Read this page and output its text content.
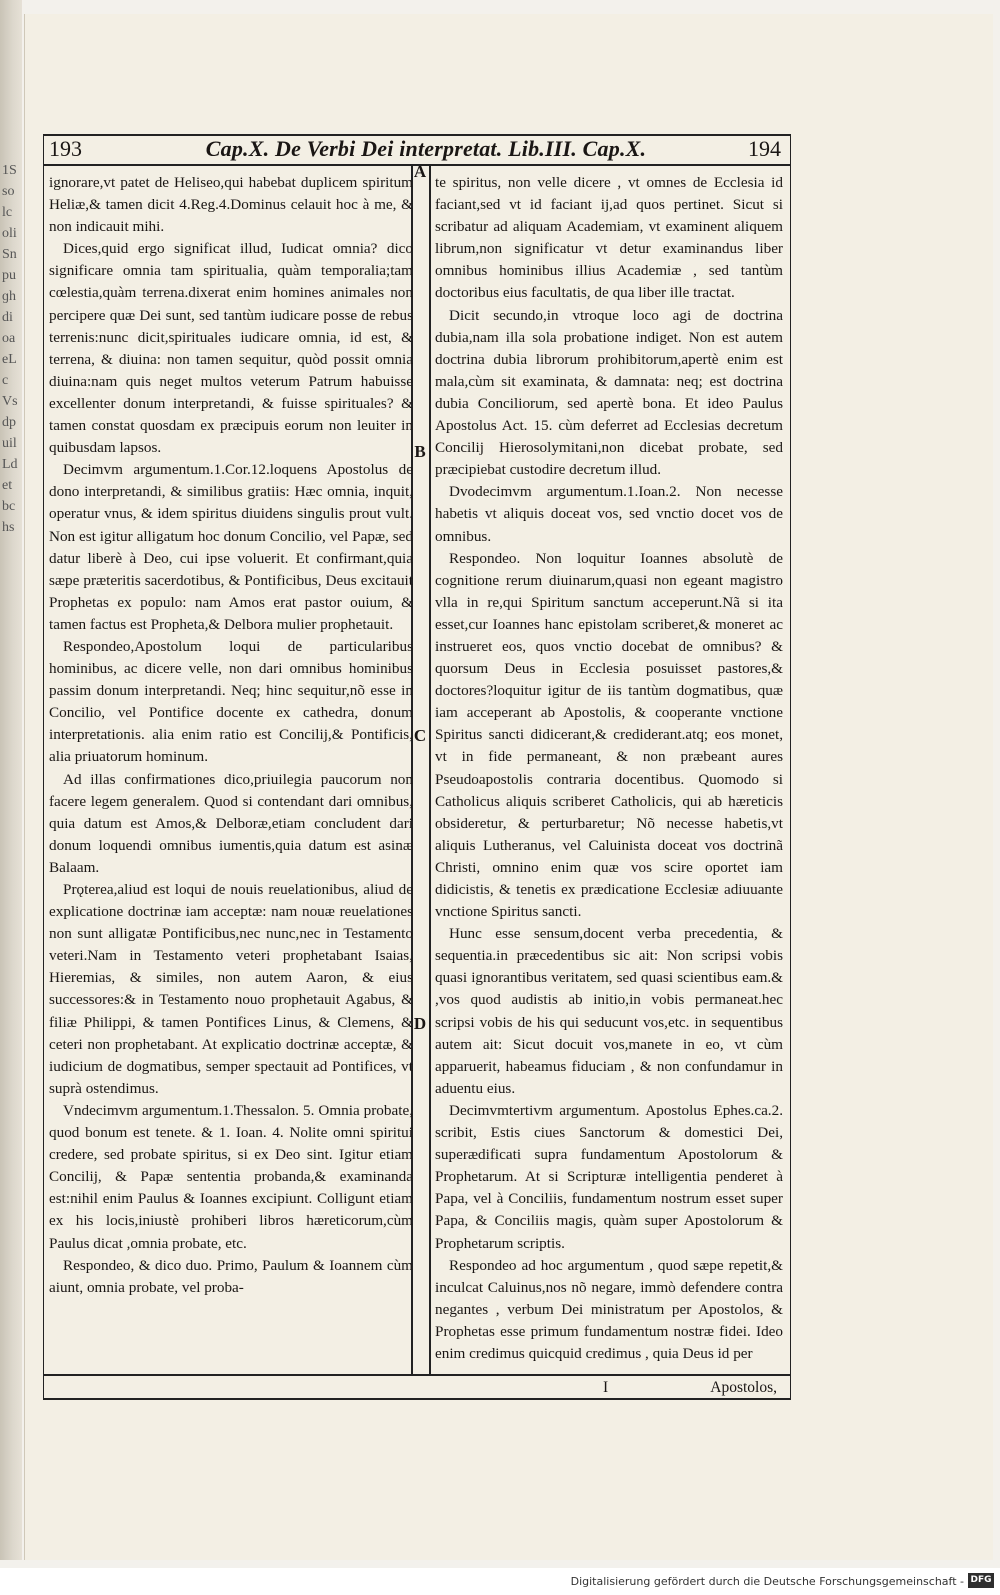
1SsolcoliSnpuɡhdioaeLcVsdpuilLdetbchs
193	Cap.X. De Verbi Dei interpretat. Lib.III. Cap.X.	194
A
B
C
D

ignorare,vt patet de Heliseo,qui habebat duplicem spiritum Heliæ,& tamen dicit 4.Reg.4.Dominus celauit hoc à me, & non indicauit mihi.

Dices,quid ergo significat illud, Iudicat omnia? dico significare omnia tam spiritualia, quàm temporalia;tam cœlestia,quàm terrena.dixerat enim homines animales non percipere quæ Dei sunt, sed tantùm iudicare posse de rebus terrenis:nunc dicit,spirituales iudicare omnia, id est, & terrena, & diuina: non tamen sequitur, quòd possit omnia diuina:nam quis neget multos veterum Patrum habuisse excellenter donum interpretandi, & fuisse spirituales? & tamen constat quosdam ex præcipuis eorum non leuiter in quibusdam lapsos.

Decimvm argumentum.1.Cor.12.loquens Apostolus de dono interpretandi, & similibus gratiis: Hæc omnia, inquit, operatur vnus, & idem spiritus diuidens singulis prout vult. Non est igitur alligatum hoc donum Concilio, vel Papæ, sed datur liberè à Deo, cui ipse voluerit. Et confirmant,quia sæpe præteritis sacerdotibus, & Pontificibus, Deus excitauit Prophetas ex populo: nam Amos erat pastor ouium, & tamen factus est Propheta,& Delbora mulier prophetauit.

Respondeo,Apostolum loqui de particularibus hominibus, ac dicere velle, non dari omnibus hominibus passim donum interpretandi. Neq; hinc sequitur,nõ esse in Concilio, vel Pontifice docente ex cathedra, donum interpretationis. alia enim ratio est Concilij,& Pontificis, alia priuatorum hominum.

Ad illas confirmationes dico,priuilegia paucorum non facere legem generalem. Quod si contendant dari omnibus, quia datum est Amos,& Delboræ,etiam concludent dari donum loquendi omnibus iumentis,quia datum est asinæ Balaam.

Prǫterea,aliud est loqui de nouis reuelationibus, aliud de explicatione doctrinæ iam acceptæ: nam nouæ reuelationes non sunt alligatæ Pontificibus,nec nunc,nec in Testamento veteri.Nam in Testamento veteri prophetabant Isaias, Hieremias, & similes, non autem Aaron, & eius successores:& in Testamento nouo prophetauit Agabus, & filiæ Philippi, & tamen Pontifices Linus, & Clemens, & ceteri non prophetabant. At explicatio doctrinæ acceptæ, & iudicium de dogmatibus, semper spectauit ad Pontifices, vt suprà ostendimus.

Vndecimvm argumentum.1.Thessalon. 5. Omnia probate, quod bonum est tenete. & 1. Ioan. 4. Nolite omni spiritui credere, sed probate spiritus, si ex Deo sint. Igitur etiam Concilij, & Papæ sententia probanda,& examinanda est:nihil enim Paulus & Ioannes excipiunt. Colligunt etiam ex his locis,iniustè prohiberi libros hæreticorum,cùm Paulus dicat ,omnia probate, etc.

Respondeo, & dico duo. Primo, Paulum & Ioannem cùm aiunt, omnia probate, vel proba-

te spiritus, non velle dicere , vt omnes de Ecclesia id faciant,sed vt id faciant ij,ad quos pertinet. Sicut si scribatur ad aliquam Academiam, vt examinent aliquem librum,non significatur vt detur examinandus liber omnibus hominibus illius Academiæ , sed tantùm doctoribus eius facultatis, de qua liber ille tractat.

Dicit secundo,in vtroque loco agi de doctrina dubia,nam illa sola probatione indiget. Non est autem doctrina dubia librorum prohibitorum,apertè enim est mala,cùm sit examinata, & damnata: neq; est doctrina dubia Conciliorum, sed apertè bona. Et ideo Paulus Apostolus Act. 15. cùm deferret ad Ecclesias decretum Concilij Hierosolymitani,non dicebat probate, sed præcipiebat custodire decretum illud.

Dvodecimvm argumentum.1.Ioan.2. Non necesse habetis vt aliquis doceat vos, sed vnctio docet vos de omnibus.

Respondeo. Non loquitur Ioannes absolutè de cognitione rerum diuinarum,quasi non egeant magistro vlla in re,qui Spiritum sanctum acceperunt.Nã si ita esset,cur Ioannes hanc epistolam scriberet,& moneret ac instrueret eos, quos vnctio docebat de omnibus? & quorsum Deus in Ecclesia posuisset pastores,& doctores?loquitur igitur de iis tantùm dogmatibus, quæ iam acceperant ab Apostolis, & cooperante vnctione Spiritus sancti didicerant,& crediderant.atq; eos monet, vt in fide permaneant, & non præbeant aures Pseudoapostolis contraria docentibus. Quomodo si Catholicus aliquis scriberet Catholicis, qui ab hæreticis obsideretur, & perturbaretur; Nõ necesse habetis,vt aliquis Lutheranus, vel Caluinista doceat vos doctrinã Christi, omnino enim quæ vos scire oportet iam didicistis, & tenetis ex prædicatione Ecclesiæ adiuuante vnctione Spiritus sancti.

Hunc esse sensum,docent verba precedentia, & sequentia.in præcedentibus sic ait: Non scripsi vobis quasi ignorantibus veritatem, sed quasi scientibus eam.& ,vos quod audistis ab initio,in vobis permaneat.hec scripsi vobis de his qui seducunt vos,etc. in sequentibus autem ait: Sicut docuit vos,manete in eo, vt cùm apparuerit, habeamus fiduciam , & non confundamur in aduentu eius.

Decimvmtertivm argumentum. Apostolus Ephes.ca.2. scribit, Estis ciues Sanctorum & domestici Dei, superædificati supra fundamentum Apostolorum & Prophetarum. At si Scripturæ intelligentia penderet à Papa, vel à Conciliis, fundamentum nostrum esset super Papa, & Conciliis magis, quàm super Apostolorum & Prophetarum scriptis.

Respondeo ad hoc argumentum , quod sæpe repetit,& inculcat Caluinus,nos nõ negare, immò defendere contra negantes , verbum Dei ministratum per Apostolos, & Prophetas esse primum fundamentum nostræ fidei. Ideo enim credimus quicquid credimus , quia Deus id per

I	Apostolos,
Digitalisierung gefördert durch die Deutsche Forschungsgemeinschaft - DFG
